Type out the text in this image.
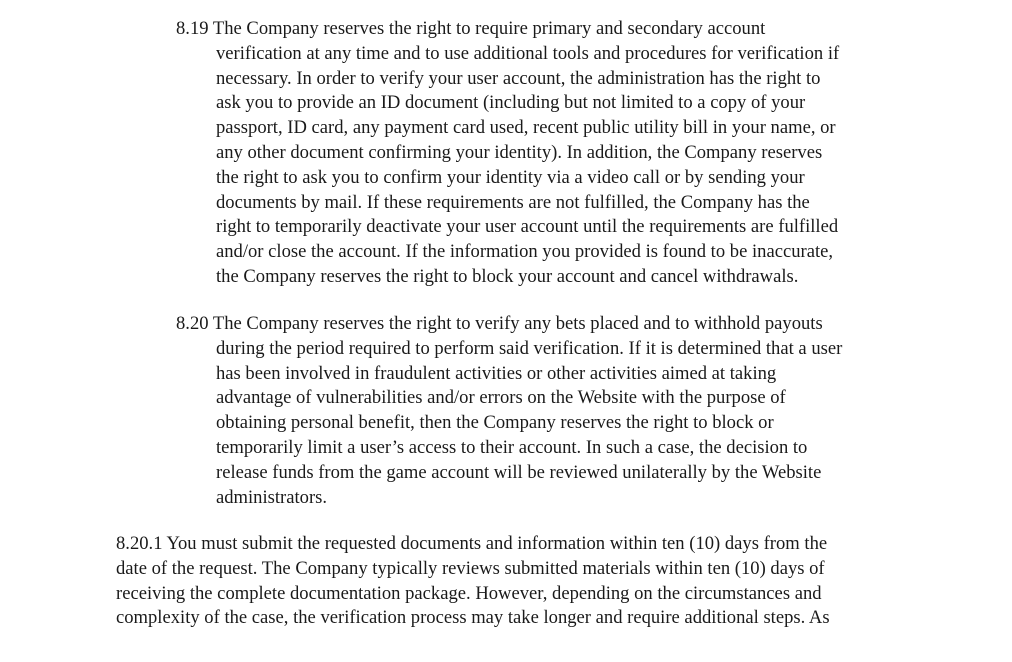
8.19 The Company reserves the right to require primary and secondary account
verification at any time and to use additional tools and procedures for verification if
necessary. In order to verify your user account, the administration has the right to
ask you to provide an ID document (including but not limited to a copy of your
passport, ID card, any payment card used, recent public utility bill in your name, or
any other document confirming your identity). In addition, the Company reserves
the right to ask you to confirm your identity via a video call or by sending your
documents by mail. If these requirements are not fulfilled, the Company has the
right to temporarily deactivate your user account until the requirements are fulfilled
and/or close the account. If the information you provided is found to be inaccurate,
the Company reserves the right to block your account and cancel withdrawals.
8.20 The Company reserves the right to verify any bets placed and to withhold payouts
during the period required to perform said verification. If it is determined that a user
has been involved in fraudulent activities or other activities aimed at taking
advantage of vulnerabilities and/or errors on the Website with the purpose of
obtaining personal benefit, then the Company reserves the right to block or
temporarily limit a user’s access to their account. In such a case, the decision to
release funds from the game account will be reviewed unilaterally by the Website
administrators.
8.20.1 You must submit the requested documents and information within ten (10) days from the
date of the request. The Company typically reviews submitted materials within ten (10) days of
receiving the complete documentation package. However, depending on the circumstances and
complexity of the case, the verification process may take longer and require additional steps. As
